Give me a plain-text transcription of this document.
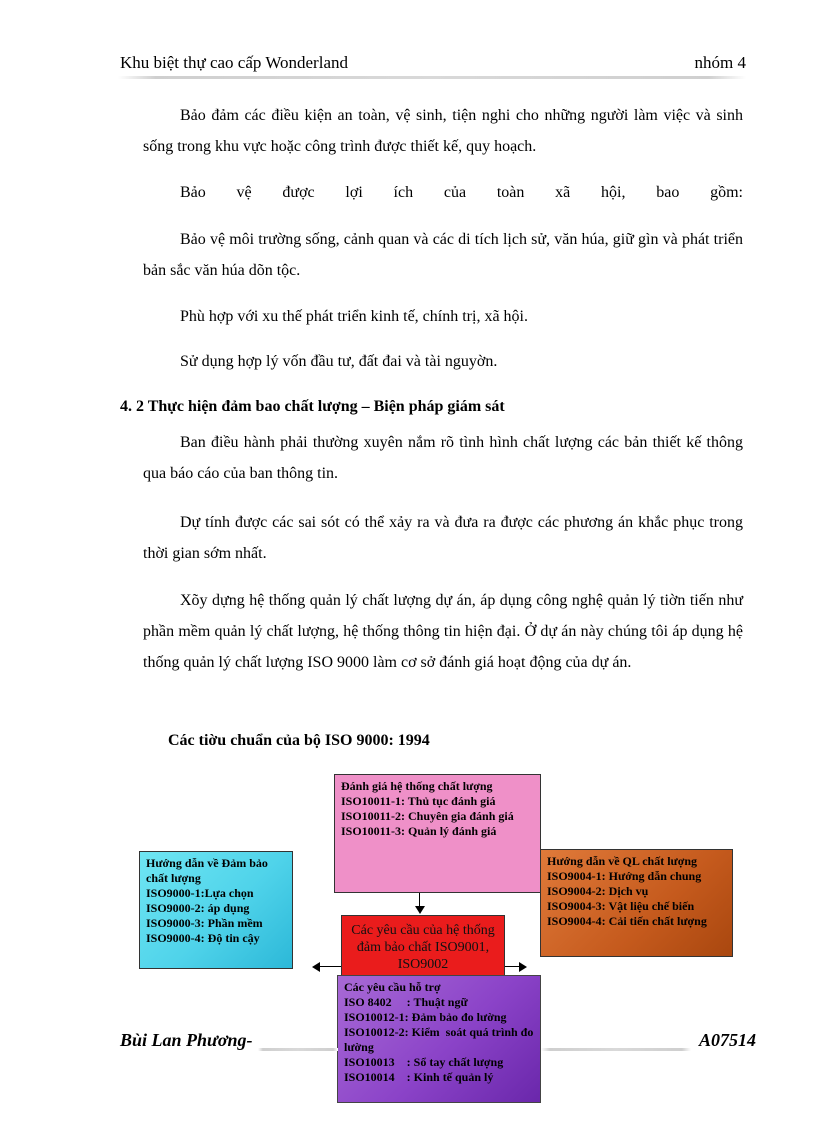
Khu biệt thự cao cấp Wonderland	nhóm 4
Bảo đảm các điều kiện an toàn, vệ sinh, tiện nghi cho những người làm việc và sinh sống trong khu vực hoặc công trình được thiết kế, quy hoạch.
Bảo vệ được lợi ích của toàn xã hội, bao gồm:
Bảo vệ môi trường sống, cảnh quan và các di tích lịch sử, văn húa, giữ gìn và phát triển bản sắc văn húa dõn tộc.
Phù hợp với xu thế phát triển kinh tế, chính trị, xã hội.
Sử dụng hợp lý vốn đầu tư, đất đai và tài nguyờn.
4. 2 Thực hiện đảm bao chất lượng – Biện pháp giám sát
Ban điều hành phải thường xuyên nắm rõ tình hình chất lượng các bản thiết kế thông qua báo cáo của ban thông tin.
Dự tính được các sai sót có thể xảy ra và đưa ra được các phương án khắc phục trong thời gian sớm nhất.
Xõy dựng hệ thống quản lý chất lượng dự án, áp dụng công nghệ quản lý tiờn tiến như phần mềm quản lý chất lượng, hệ thống thông tin hiện đại. Ở dự án này chúng tôi áp dụng hệ thống quản lý chất lượng ISO 9000 làm cơ sở đánh giá hoạt động của dự án.
Các tiờu chuẩn của bộ ISO 9000: 1994
Đánh giá hệ thống chất lượng
ISO10011-1: Thủ tục đánh giá
ISO10011-2: Chuyên gia đánh giá
ISO10011-3: Quản lý đánh giá
Hướng dẫn về Đảm bảo chất lượng
ISO9000-1:Lựa chọn
ISO9000-2: áp dụng
ISO9000-3: Phần mềm
ISO9000-4: Độ tin cậy
Hướng dẫn về QL chất lượng
ISO9004-1: Hướng dẫn chung
ISO9004-2: Dịch vụ
ISO9004-3: Vật liệu chế biến
ISO9004-4: Cải tiến chất lượng
Các yêu cầu của hệ thống đảm bảo chất ISO9001, ISO9002
Các yêu cầu hỗ trợ
ISO 8402     : Thuật ngữ
ISO10012-1: Đảm bảo đo lường
ISO10012-2: Kiểm  soát quá trình đo lường
ISO10013    : Sổ tay chất lượng
ISO10014    : Kinh tế quản lý
Bùi Lan Phương-	A07514
